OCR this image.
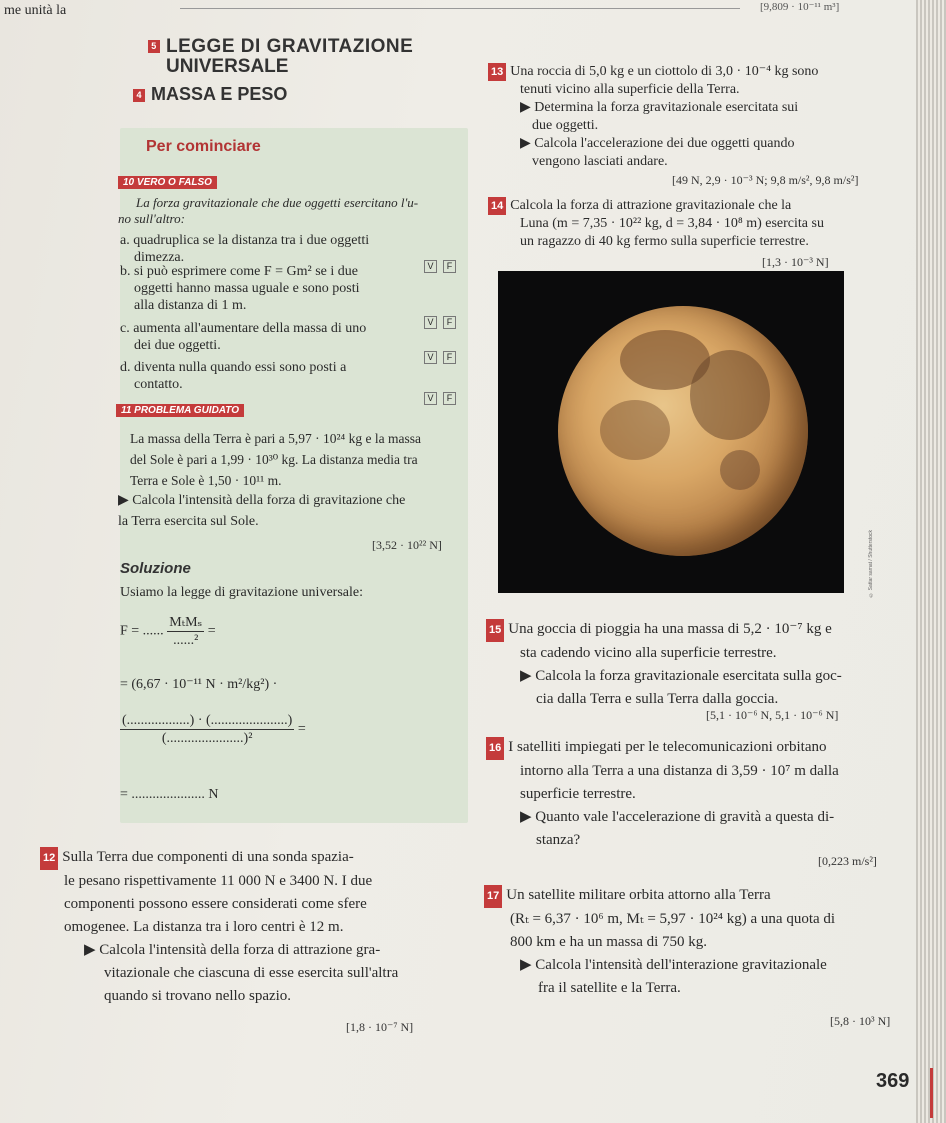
me unità la	[9,809 · 10⁻¹¹ m³]
5 LEGGE DI GRAVITAZIONE
UNIVERSALE
4 MASSA E PESO
Per cominciare
10 VERO O FALSO
La forza gravitazionale che due oggetti esercitano l'u-
no sull'altro:
a. quadruplica se la distanza tra i due oggetti
dimezza.
V F
b. si può esprimere come F = Gm² se i due
oggetti hanno massa uguale e sono posti
alla distanza di 1 m.
V F
c. aumenta all'aumentare della massa di uno
dei due oggetti.
V F
d. diventa nulla quando essi sono posti a
contatto.
V F
11 PROBLEMA GUIDATO
La massa della Terra è pari a 5,97 · 10²⁴ kg e la massa
del Sole è pari a 1,99 · 10³⁰ kg. La distanza media tra
Terra e Sole è 1,50 · 10¹¹ m.
▶ Calcola l'intensità della forza di gravitazione che
la Terra esercita sul Sole.
[3,52 · 10²² N]
Soluzione
Usiamo la legge di gravitazione universale:
F = ...... $\frac{\text{MₜMₛ}}{\text{......²}}$ =
= (6,67 · 10⁻¹¹ N · m²/kg²) ·
$\frac{(..................) \cdot (......................)}{\text{(......................)²}}$ =
= ..................... N
12 Sulla Terra due componenti di una sonda spazia-
le pesano rispettivamente 11 000 N e 3400 N. I due
componenti possono essere considerati come sfere
omogenee. La distanza tra i loro centri è 12 m.
▶ Calcola l'intensità della forza di attrazione gra-
vitazionale che ciascuna di esse esercita sull'altra
quando si trovano nello spazio.
[1,8 · 10⁻⁷ N]
13 Una roccia di 5,0 kg e un ciottolo di 3,0 · 10⁻⁴ kg sono
tenuti vicino alla superficie della Terra.
▶ Determina la forza gravitazionale esercitata sui
due oggetti.
▶ Calcola l'accelerazione dei due oggetti quando
vengono lasciati andare.
[49 N, 2,9 · 10⁻³ N; 9,8 m/s², 9,8 m/s²]
14 Calcola la forza di attrazione gravitazionale che la
Luna (m = 7,35 · 10²² kg, d = 3,84 · 10⁸ m) esercita su
un ragazzo di 40 kg fermo sulla superficie terrestre.
[1,3 · 10⁻³ N]
© Sattar samat / Shutterstock
15 Una goccia di pioggia ha una massa di 5,2 · 10⁻⁷ kg e
sta cadendo vicino alla superficie terrestre.
▶ Calcola la forza gravitazionale esercitata sulla goc-
cia dalla Terra e sulla Terra dalla goccia.
[5,1 · 10⁻⁶ N, 5,1 · 10⁻⁶ N]
16 I satelliti impiegati per le telecomunicazioni orbitano
intorno alla Terra a una distanza di 3,59 · 10⁷ m dalla
superficie terrestre.
▶ Quanto vale l'accelerazione di gravità a questa di-
stanza?
[0,223 m/s²]
17 Un satellite militare orbita attorno alla Terra
(Rₜ = 6,37 · 10⁶ m, Mₜ = 5,97 · 10²⁴ kg) a una quota di
800 km e ha un massa di 750 kg.
▶ Calcola l'intensità dell'interazione gravitazionale
fra il satellite e la Terra.
[5,8 · 10³ N]
369
